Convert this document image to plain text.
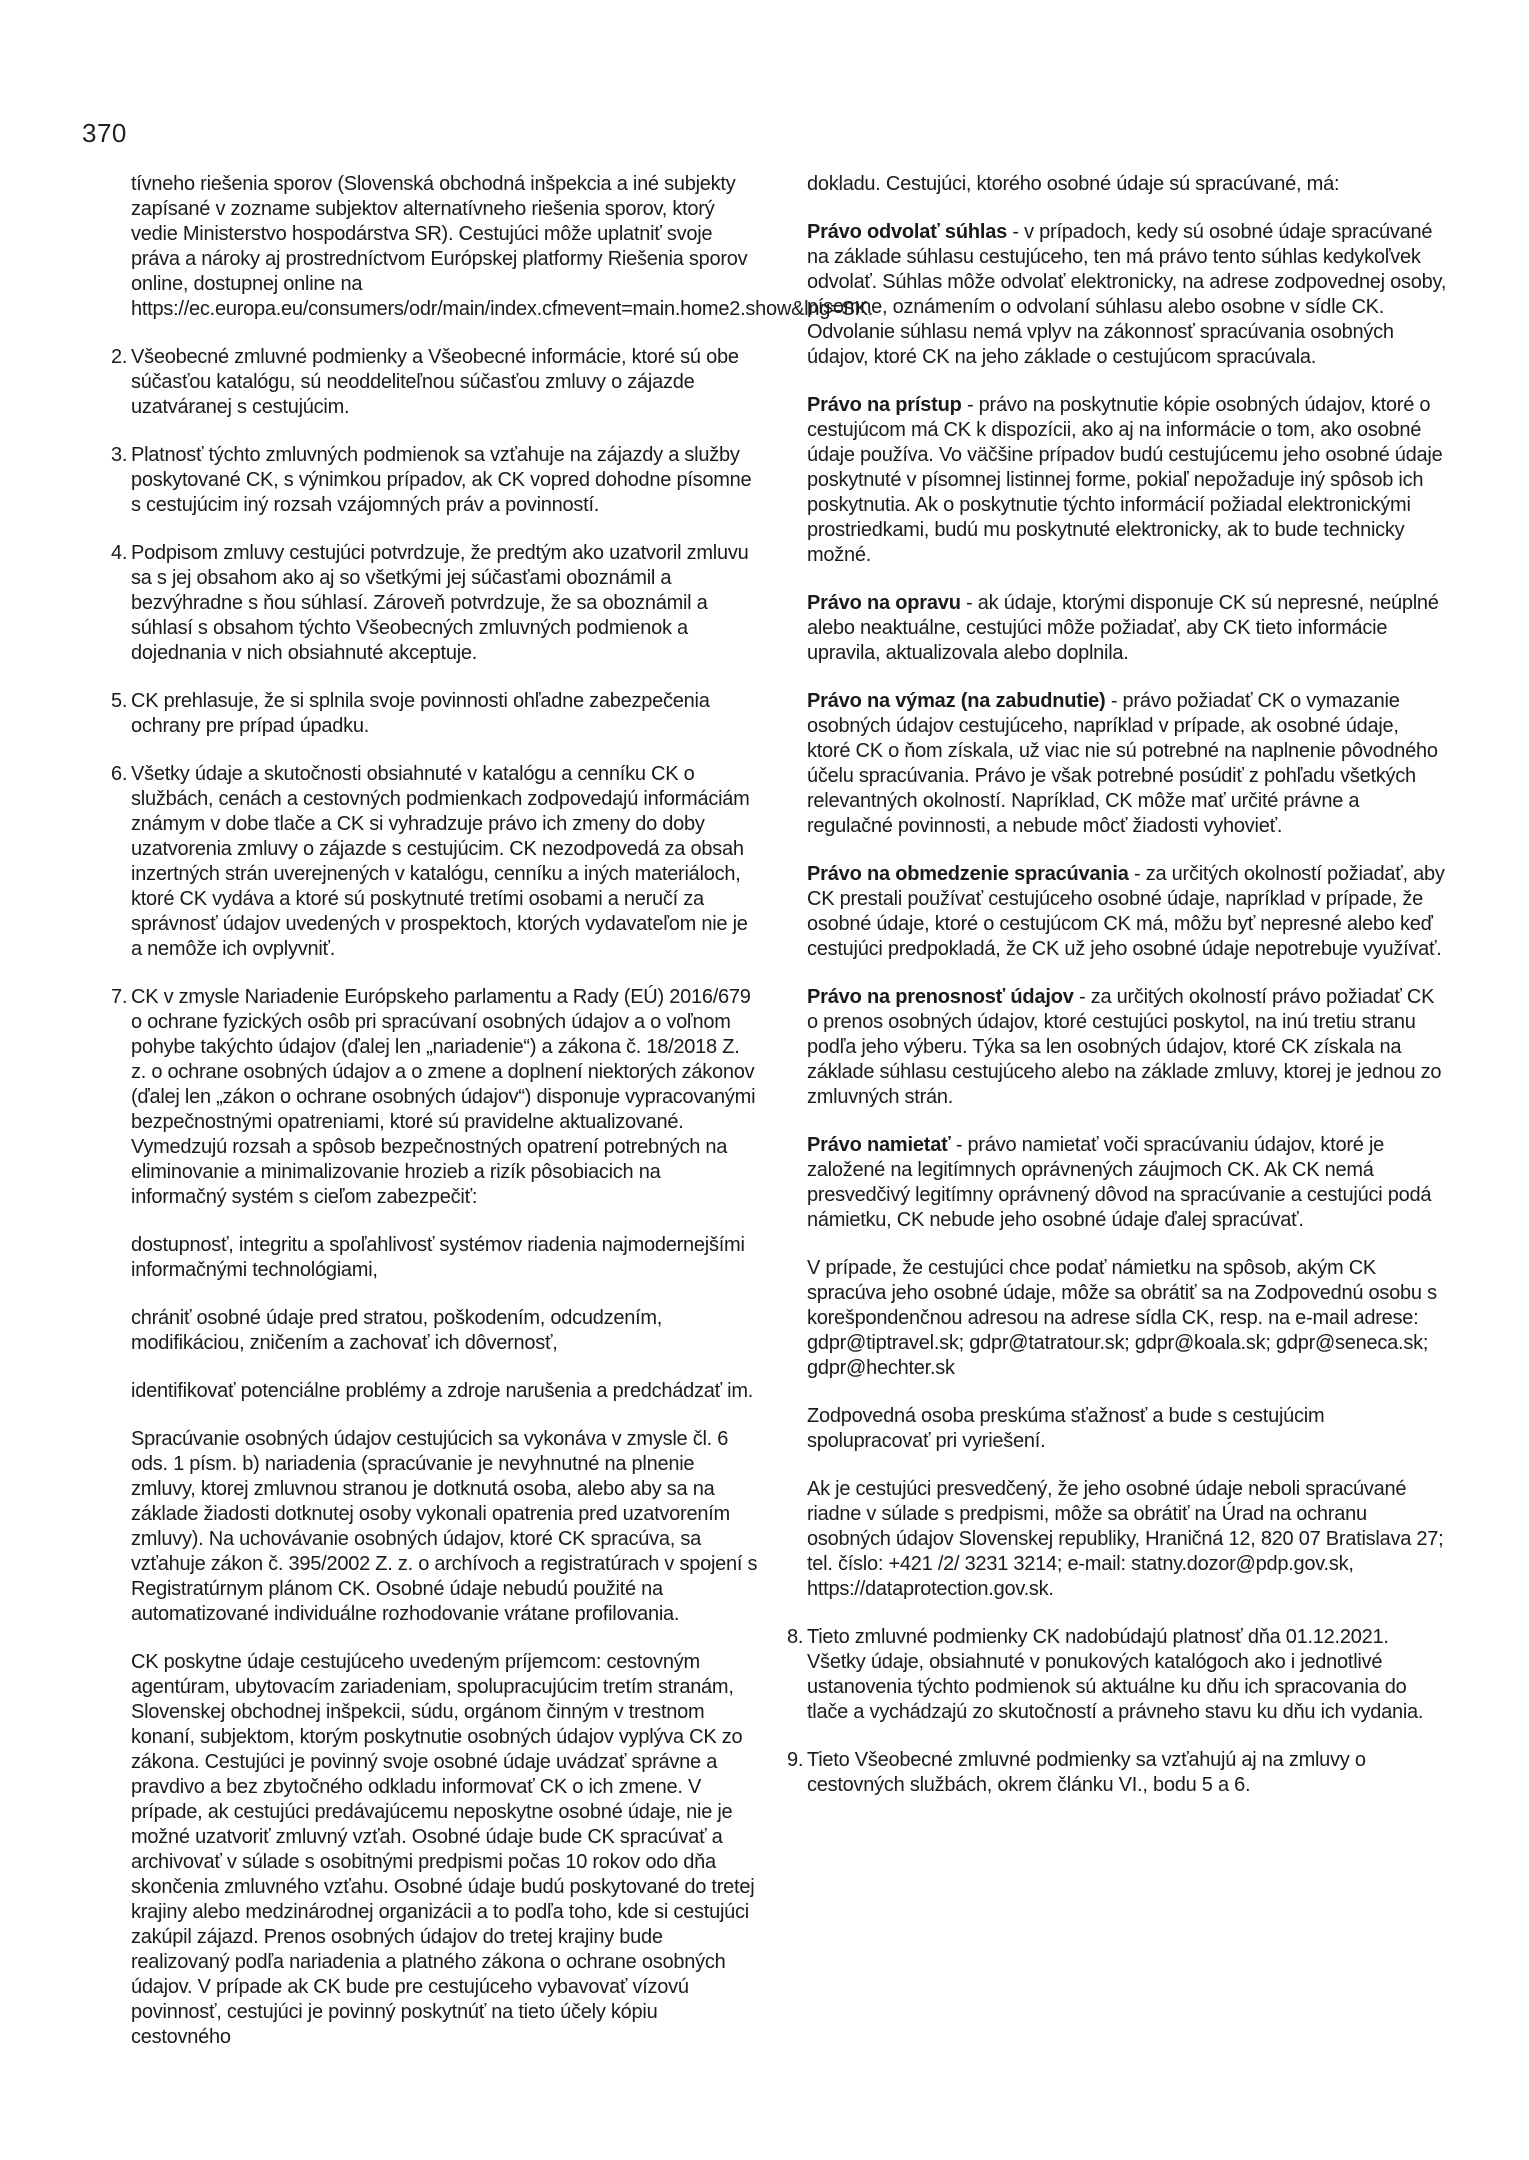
370

tívneho riešenia sporov (Slovenská obchodná inšpekcia a iné subjekty zapísané v zozname subjektov alternatívneho riešenia sporov, ktorý vedie Ministerstvo hospodárstva SR). Cestujúci môže uplatniť svoje práva a nároky aj prostredníctvom Európskej platformy Riešenia sporov online, dostupnej online na https://ec.europa.eu/consumers/odr/main/index.cfmevent=main.home2.show&lng=SK.

2. Všeobecné zmluvné podmienky a Všeobecné informácie, ktoré sú obe súčasťou katalógu, sú neoddeliteľnou súčasťou zmluvy o zájazde uzatváranej s cestujúcim.

3. Platnosť týchto zmluvných podmienok sa vzťahuje na zájazdy a služby poskytované CK, s výnimkou prípadov, ak CK vopred dohodne písomne s cestujúcim iný rozsah vzájomných práv a povinností.

4. Podpisom zmluvy cestujúci potvrdzuje, že predtým ako uzatvoril zmluvu sa s jej obsahom ako aj so všetkými jej súčasťami oboznámil a bezvýhradne s ňou súhlasí. Zároveň potvrdzuje, že sa oboznámil a súhlasí s obsahom týchto Všeobecných zmluvných podmienok a dojednania v nich obsiahnuté akceptuje.

5. CK prehlasuje, že si splnila svoje povinnosti ohľadne zabezpečenia ochrany pre prípad úpadku.

6. Všetky údaje a skutočnosti obsiahnuté v katalógu a cenníku CK o službách, cenách a cestovných podmienkach zodpovedajú informáciám známym v dobe tlače a CK si vyhradzuje právo ich zmeny do doby uzatvorenia zmluvy o zájazde s cestujúcim. CK nezodpovedá za obsah inzertných strán uverejnených v katalógu, cenníku a iných materiáloch, ktoré CK vydáva a ktoré sú poskytnuté tretími osobami a neručí za správnosť údajov uvedených v prospektoch, ktorých vydavateľom nie je a nemôže ich ovplyvniť.

7. CK v zmysle Nariadenie Európskeho parlamentu a Rady (EÚ) 2016/679 o ochrane fyzických osôb pri spracúvaní osobných údajov a o voľnom pohybe takýchto údajov (ďalej len „nariadenie“) a zákona č. 18/2018 Z. z. o ochrane osobných údajov a o zmene a doplnení niektorých zákonov (ďalej len „zákon o ochrane osobných údajov“) disponuje vypracovanými bezpečnostnými opatreniami, ktoré sú pravidelne aktualizované. Vymedzujú rozsah a spôsob bezpečnostných opatrení potrebných na eliminovanie a minimalizovanie hrozieb a rizík pôsobiacich na informačný systém s cieľom zabezpečiť:

dostupnosť, integritu a spoľahlivosť systémov riadenia najmodernejšími informačnými technológiami,

chrániť osobné údaje pred stratou, poškodením, odcudzením, modifikáciou, zničením a zachovať ich dôvernosť,

identifikovať potenciálne problémy a zdroje narušenia a predchádzať im.

Spracúvanie osobných údajov cestujúcich sa vykonáva v zmysle čl. 6 ods. 1 písm. b) nariadenia (spracúvanie je nevyhnutné na plnenie zmluvy, ktorej zmluvnou stranou je dotknutá osoba, alebo aby sa na základe žiadosti dotknutej osoby vykonali opatrenia pred uzatvorením zmluvy). Na uchovávanie osobných údajov, ktoré CK spracúva, sa vzťahuje zákon č. 395/2002 Z. z. o archívoch a registratúrach v spojení s Registratúrnym plánom CK. Osobné údaje nebudú použité na automatizované individuálne rozhodovanie vrátane profilovania.

CK poskytne údaje cestujúceho uvedeným príjemcom: cestovným agentúram, ubytovacím zariadeniam, spolupracujúcim tretím stranám, Slovenskej obchodnej inšpekcii, súdu, orgánom činným v trestnom konaní, subjektom, ktorým poskytnutie osobných údajov vyplýva CK zo zákona. Cestujúci je povinný svoje osobné údaje uvádzať správne a pravdivo a bez zbytočného odkladu informovať CK o ich zmene. V prípade, ak cestujúci predávajúcemu neposkytne osobné údaje, nie je možné uzatvoriť zmluvný vzťah. Osobné údaje bude CK spracúvať a archivovať v súlade s osobitnými predpismi počas 10 rokov odo dňa skončenia zmluvného vzťahu. Osobné údaje budú poskytované do tretej krajiny alebo medzinárodnej organizácii a to podľa toho, kde si cestujúci zakúpil zájazd. Prenos osobných údajov do tretej krajiny bude realizovaný podľa nariadenia a platného zákona o ochrane osobných údajov. V prípade ak CK bude pre cestujúceho vybavovať vízovú povinnosť, cestujúci je povinný poskytnúť na tieto účely kópiu cestovného

dokladu. Cestujúci, ktorého osobné údaje sú spracúvané, má:

Právo odvolať súhlas - v prípadoch, kedy sú osobné údaje spracúvané na základe súhlasu cestujúceho, ten má právo tento súhlas kedykoľvek odvolať. Súhlas môže odvolať elektronicky, na adrese zodpovednej osoby, písomne, oznámením o odvolaní súhlasu alebo osobne v sídle CK. Odvolanie súhlasu nemá vplyv na zákonnosť spracúvania osobných údajov, ktoré CK na jeho základe o cestujúcom spracúvala.

Právo na prístup - právo na poskytnutie kópie osobných údajov, ktoré o cestujúcom má CK k dispozícii, ako aj na informácie o tom, ako osobné údaje používa. Vo väčšine prípadov budú cestujúcemu jeho osobné údaje poskytnuté v písomnej listinnej forme, pokiaľ nepožaduje iný spôsob ich poskytnutia. Ak o poskytnutie týchto informácií požiadal elektronickými prostriedkami, budú mu poskytnuté elektronicky, ak to bude technicky možné.

Právo na opravu - ak údaje, ktorými disponuje CK sú nepresné, neúplné alebo neaktuálne, cestujúci môže požiadať, aby CK tieto informácie upravila, aktualizovala alebo doplnila.

Právo na výmaz (na zabudnutie) - právo požiadať CK o vymazanie osobných údajov cestujúceho, napríklad v prípade, ak osobné údaje, ktoré CK o ňom získala, už viac nie sú potrebné na naplnenie pôvodného účelu spracúvania. Právo je však potrebné posúdiť z pohľadu všetkých relevantných okolností. Napríklad, CK môže mať určité právne a regulačné povinnosti, a nebude môcť žiadosti vyhovieť.

Právo na obmedzenie spracúvania - za určitých okolností požiadať, aby CK prestali používať cestujúceho osobné údaje, napríklad v prípade, že osobné údaje, ktoré o cestujúcom CK má, môžu byť nepresné alebo keď cestujúci predpokladá, že CK už jeho osobné údaje nepotrebuje využívať.

Právo na prenosnosť údajov - za určitých okolností právo požiadať CK o prenos osobných údajov, ktoré cestujúci poskytol, na inú tretiu stranu podľa jeho výberu. Týka sa len osobných údajov, ktoré CK získala na základe súhlasu cestujúceho alebo na základe zmluvy, ktorej je jednou zo zmluvných strán.

Právo namietať - právo namietať voči spracúvaniu údajov, ktoré je založené na legitímnych oprávnených záujmoch CK. Ak CK nemá presvedčivý legitímny oprávnený dôvod na spracúvanie a cestujúci podá námietku, CK nebude jeho osobné údaje ďalej spracúvať.

V prípade, že cestujúci chce podať námietku na spôsob, akým CK spracúva jeho osobné údaje, môže sa obrátiť sa na Zodpovednú osobu s korešpondenčnou adresou na adrese sídla CK, resp. na e-mail adrese: gdpr@tiptravel.sk; gdpr@tatratour.sk; gdpr@koala.sk; gdpr@seneca.sk; gdpr@hechter.sk

Zodpovedná osoba preskúma sťažnosť a bude s cestujúcim spolupracovať pri vyriešení.

Ak je cestujúci presvedčený, že jeho osobné údaje neboli spracúvané riadne v súlade s predpismi, môže sa obrátiť na Úrad na ochranu osobných údajov Slovenskej republiky, Hraničná 12, 820 07 Bratislava 27; tel. číslo: +421 /2/ 3231 3214; e-mail: statny.dozor@pdp.gov.sk, https://dataprotection.gov.sk.

8. Tieto zmluvné podmienky CK nadobúdajú platnosť dňa 01.12.2021. Všetky údaje, obsiahnuté v ponukových katalógoch ako i jednotlivé ustanovenia týchto podmienok sú aktuálne ku dňu ich spracovania do tlače a vychádzajú zo skutočností a právneho stavu ku dňu ich vydania.

9. Tieto Všeobecné zmluvné podmienky sa vzťahujú aj na zmluvy o cestovných službách, okrem článku VI., bodu 5 a 6.
